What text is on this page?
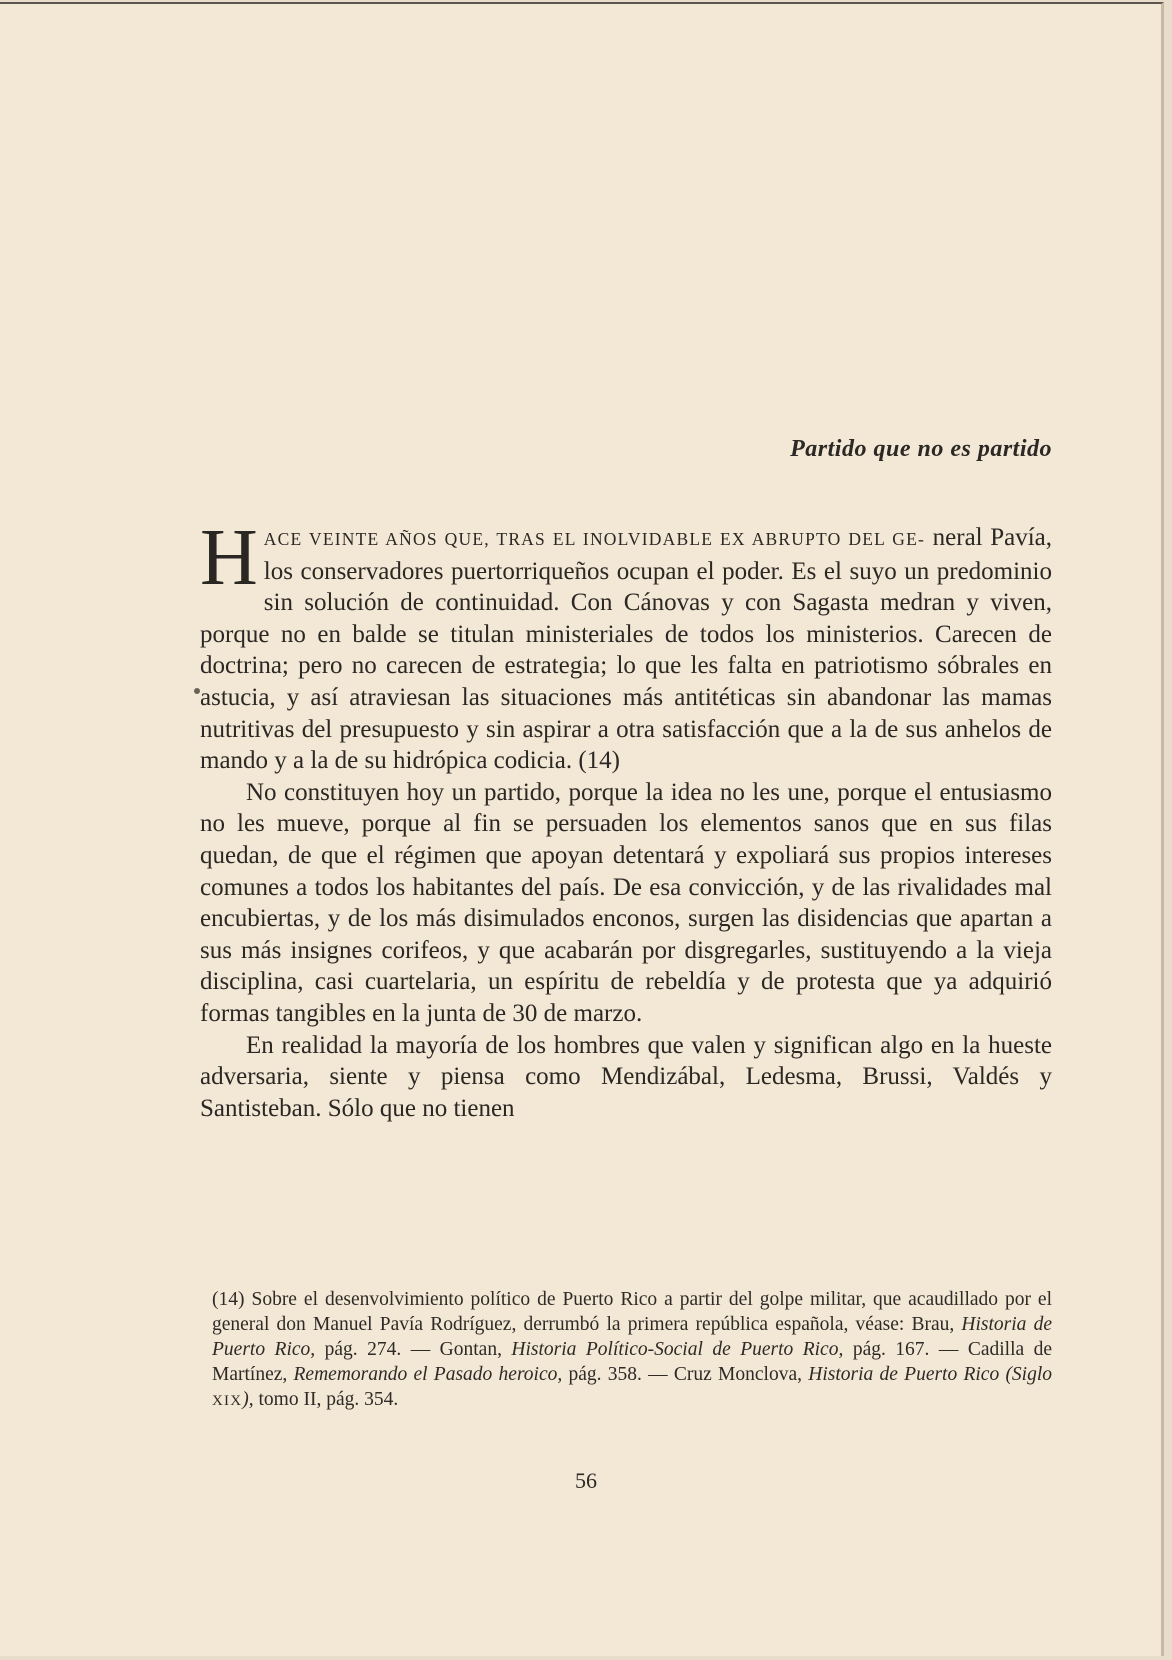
Partido que no es partido

HACE VEINTE AÑOS QUE, TRAS EL INOLVIDABLE EX ABRUPTO DEL GE- neral Pavía, los conservadores puertorriqueños ocupan el poder. Es el suyo un predominio sin solución de continuidad. Con Cánovas y con Sagasta medran y viven, porque no en balde se titulan ministeriales de todos los ministerios. Carecen de doctrina; pero no carecen de estrategia; lo que les falta en patriotismo sóbrales en astucia, y así atraviesan las situaciones más antitéticas sin abandonar las mamas nutritivas del presupuesto y sin aspirar a otra satisfacción que a la de sus anhelos de mando y a la de su hidrópica codicia. (14)

No constituyen hoy un partido, porque la idea no les une, porque el entusiasmo no les mueve, porque al fin se persuaden los elementos sanos que en sus filas quedan, de que el régimen que apoyan detentará y expoliará sus propios intereses comunes a todos los habitantes del país. De esa convicción, y de las rivalidades mal encubiertas, y de los más disimulados enconos, surgen las disidencias que apartan a sus más insignes corifeos, y que acabarán por disgregarles, sustituyendo a la vieja disciplina, casi cuartelaria, un espíritu de rebeldía y de protesta que ya adquirió formas tangibles en la junta de 30 de marzo.

En realidad la mayoría de los hombres que valen y significan algo en la hueste adversaria, siente y piensa como Mendizábal, Ledesma, Brussi, Valdés y Santisteban. Sólo que no tienen

(14) Sobre el desenvolvimiento político de Puerto Rico a partir del golpe militar, que acaudillado por el general don Manuel Pavía Rodríguez, derrumbó la primera república española, véase: Brau, Historia de Puerto Rico, pág. 274. — Gontan, Historia Político-Social de Puerto Rico, pág. 167. — Cadilla de Martínez, Rememorando el Pasado heroico, pág. 358. — Cruz Monclova, Historia de Puerto Rico (Siglo XIX), tomo II, pág. 354.

56
